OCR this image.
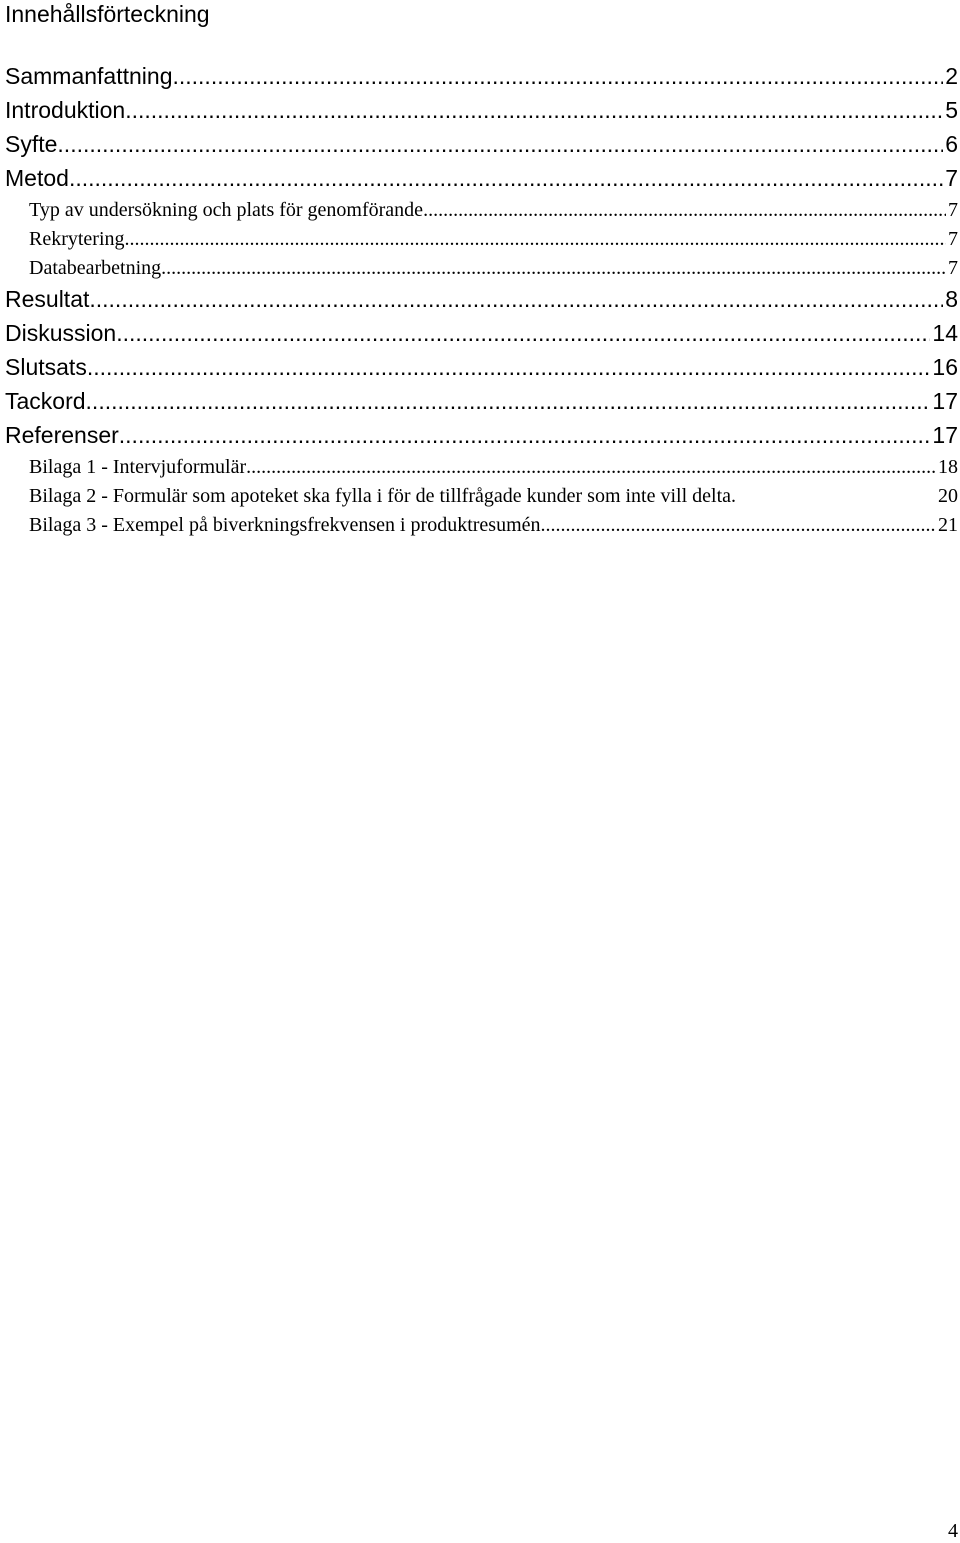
Innehållsförteckning
Sammanfattning .....	2
Introduktion .....	5
Syfte .....	6
Metod .....	7
Typ av undersökning och plats för genomförande .....	7
Rekrytering .....	7
Databearbetning .....	7
Resultat .....	8
Diskussion .....	14
Slutsats .....	16
Tackord .....	17
Referenser .....	17
Bilaga 1 - Intervjuformulär .....	18
Bilaga 2 - Formulär som apoteket ska fylla i för de tillfrågade kunder som inte vill delta.	20
Bilaga 3 - Exempel på biverkningsfrekvensen i produktresumén .....	21
4
